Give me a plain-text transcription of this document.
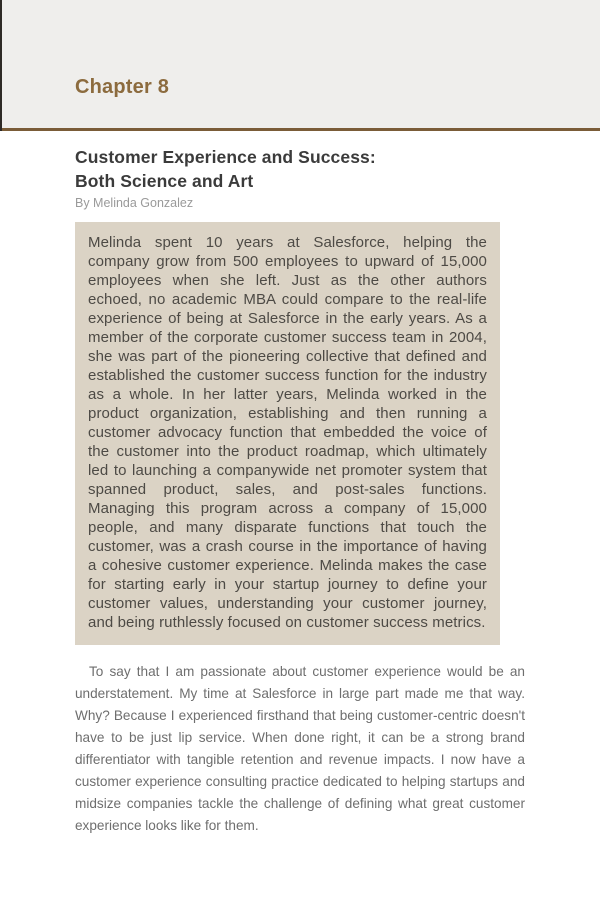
Chapter 8
Customer Experience and Success:
Both Science and Art
By Melinda Gonzalez
Melinda spent 10 years at Salesforce, helping the company grow from 500 employees to upward of 15,000 employees when she left. Just as the other authors echoed, no academic MBA could compare to the real-life experience of being at Salesforce in the early years. As a member of the corporate customer success team in 2004, she was part of the pioneering collective that defined and established the customer success function for the industry as a whole. In her latter years, Melinda worked in the product organization, establishing and then running a customer advocacy function that embedded the voice of the customer into the product roadmap, which ultimately led to launching a companywide net promoter system that spanned product, sales, and post-sales functions. Managing this program across a company of 15,000 people, and many disparate functions that touch the customer, was a crash course in the importance of having a cohesive customer experience. Melinda makes the case for starting early in your startup journey to define your customer values, understanding your customer journey, and being ruthlessly focused on customer success metrics.
To say that I am passionate about customer experience would be an understatement. My time at Salesforce in large part made me that way. Why? Because I experienced firsthand that being customer-centric doesn't have to be just lip service. When done right, it can be a strong brand differentiator with tangible retention and revenue impacts. I now have a customer experience consulting practice dedicated to helping startups and midsize companies tackle the challenge of defining what great customer experience looks like for them.
